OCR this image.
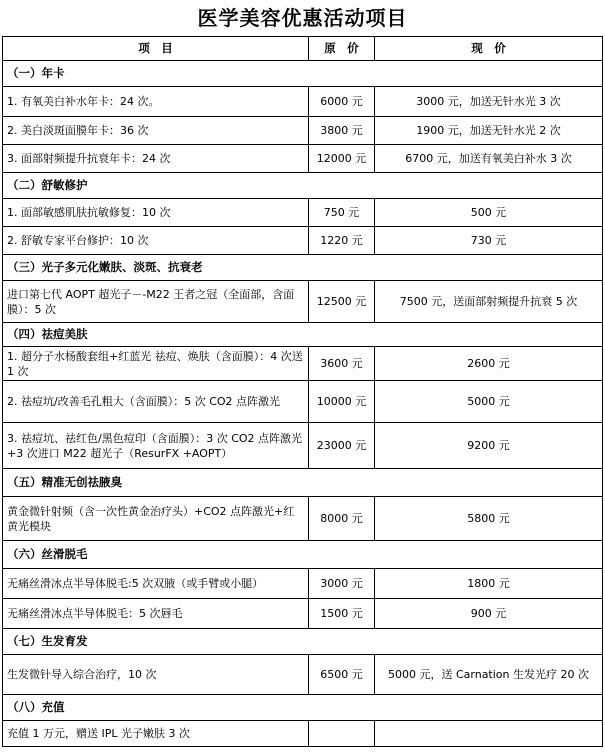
医学美容优惠活动项目
项　目	原　价	现　价
（一）年卡		
1. 有氧美白补水年卡：24 次。	6000 元	3000 元，加送无针水光 3 次
2. 美白淡斑面膜年卡：36 次	3800 元	1900 元，加送无针水光 2 次
3. 面部射频提升抗衰年卡：24 次	12000 元	6700 元，加送有氧美白补水 3 次
（二）舒敏修护		
1. 面部敏感肌肤抗敏修复：10 次	750 元	500 元
2. 舒敏专家平台修护：10 次	1220 元	730 元
（三）光子多元化嫩肤、淡斑、抗衰老		
进口第七代 AOPT 超光子－-M22 王者之冠（全面部，含面膜）：5 次	12500 元	7500 元，送面部射频提升抗衰 5 次
（四）祛痘美肤		
1. 超分子水杨酸套组+红蓝光 祛痘、焕肤（含面膜）：4 次送 1 次	3600 元	2600 元
2. 祛痘坑/改善毛孔粗大（含面膜）：5 次 CO2 点阵激光	10000 元	5000 元
3. 祛痘坑、祛红色/黑色痘印（含面膜）：3 次 CO2 点阵激光+3 次进口 M22 超光子（ResurFX +AOPT）	23000 元	9200 元
（五）精准无创祛腋臭		
黄金微针射频（含一次性黄金治疗头）+CO2 点阵激光+红黄光模块	8000 元	5800 元
（六）丝滑脱毛		
无痛丝滑冰点半导体脱毛:5 次双腋（或手臂或小腿）	3000 元	1800 元
无痛丝滑冰点半导体脱毛：5 次唇毛	1500 元	900 元
（七）生发育发		
生发微针导入综合治疗，10 次	6500 元	5000 元，送 Carnation 生发光疗 20 次
（八）充值		
充值 1 万元，赠送 IPL 光子嫩肤 3 次		
